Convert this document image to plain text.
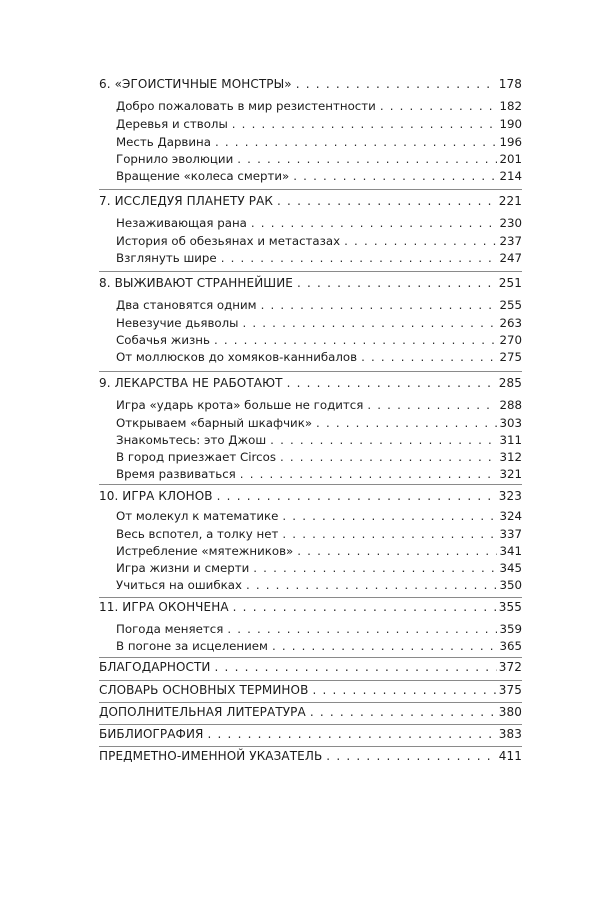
6. «ЭГОИСТИЧНЫЕ МОНСТРЫ» . . .	178
Добро пожаловать в мир резистентности . . .	182
Деревья и стволы . . .	190
Месть Дарвина . . .	196
Горнило эволюции . . .	201
Вращение «колеса смерти» . . .	214
7. ИССЛЕДУЯ ПЛАНЕТУ РАК . . .	221
Незаживающая рана . . .	230
История об обезьянах и метастазах . . .	237
Взглянуть шире . . .	247
8. ВЫЖИВАЮТ СТРАННЕЙШИЕ . . .	251
Два становятся одним . . .	255
Невезучие дьяволы . . .	263
Собачья жизнь . . .	270
От моллюсков до хомяков-каннибалов . . .	275
9. ЛЕКАРСТВА НЕ РАБОТАЮТ . . .	285
Игра «ударь крота» больше не годится . . .	288
Открываем «барный шкафчик» . . .	303
Знакомьтесь: это Джош . . .	311
В город приезжает Circos . . .	312
Время развиваться . . .	321
10. ИГРА КЛОНОВ . . .	323
От молекул к математике . . .	324
Весь вспотел, а толку нет . . .	337
Истребление «мятежников» . . .	341
Игра жизни и смерти . . .	345
Учиться на ошибках . . .	350
11. ИГРА ОКОНЧЕНА . . .	355
Погода меняется . . .	359
В погоне за исцелением . . .	365
БЛАГОДАРНОСТИ . . .	372
СЛОВАРЬ ОСНОВНЫХ ТЕРМИНОВ . . .	375
ДОПОЛНИТЕЛЬНАЯ ЛИТЕРАТУРА . . .	380
БИБЛИОГРАФИЯ . . .	383
ПРЕДМЕТНО-ИМЕННОЙ УКАЗАТЕЛЬ . . .	411
